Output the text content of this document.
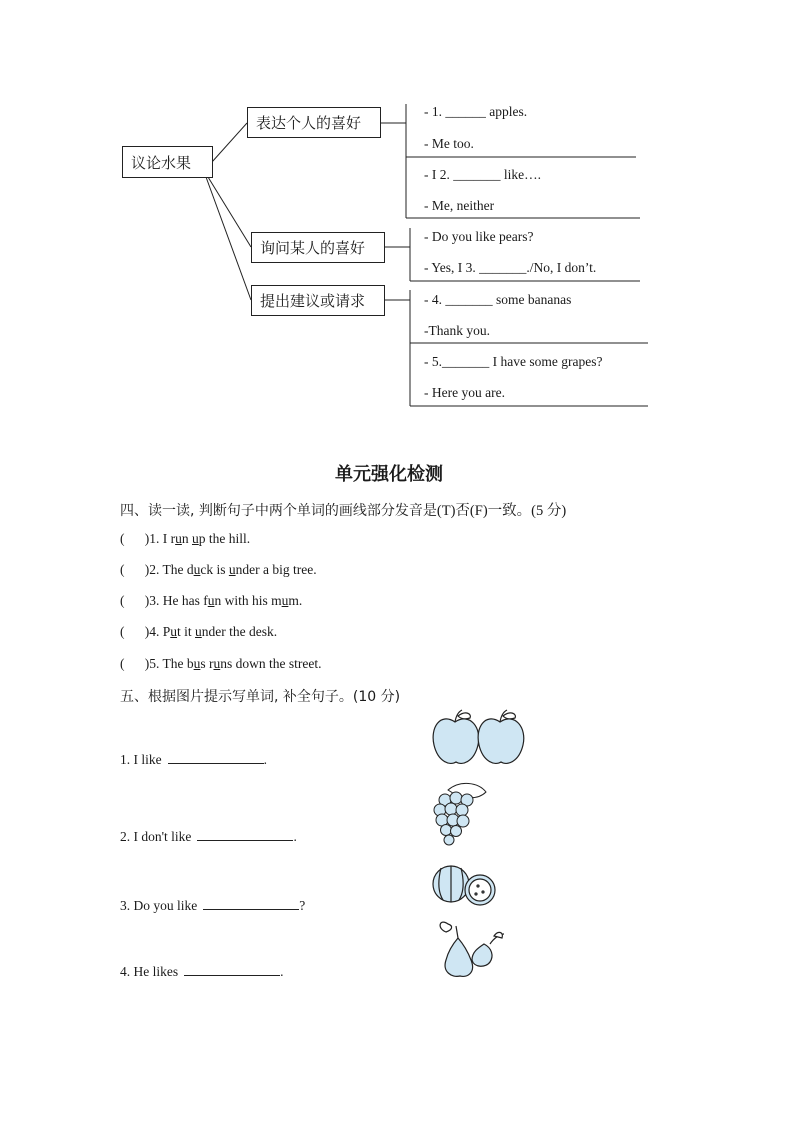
议论水果
表达个人的喜好
询问某人的喜好
提出建议或请求
- 1. ______ apples.
- Me too.
- I 2. _______ like….
- Me, neither
- Do you like pears?
- Yes, I 3. _______./No, I don’t.
- 4. _______ some bananas
-Thank you.
- 5._______ I have some grapes?
- Here you are.
单元强化检测
四、读一读, 判断句子中两个单词的画线部分发音是(T)否(F)一致。(5 分)
(      )1. I run up the hill.
(      )2. The duck is under a big tree.
(      )3. He has fun with his mum.
(      )4. Put it under the desk.
(      )5. The bus runs down the street.
五、根据图片提示写单词, 补全句子。(10 分)
1. I like	.
2. I don't like	.
3. Do you like	?
4. He likes	.
